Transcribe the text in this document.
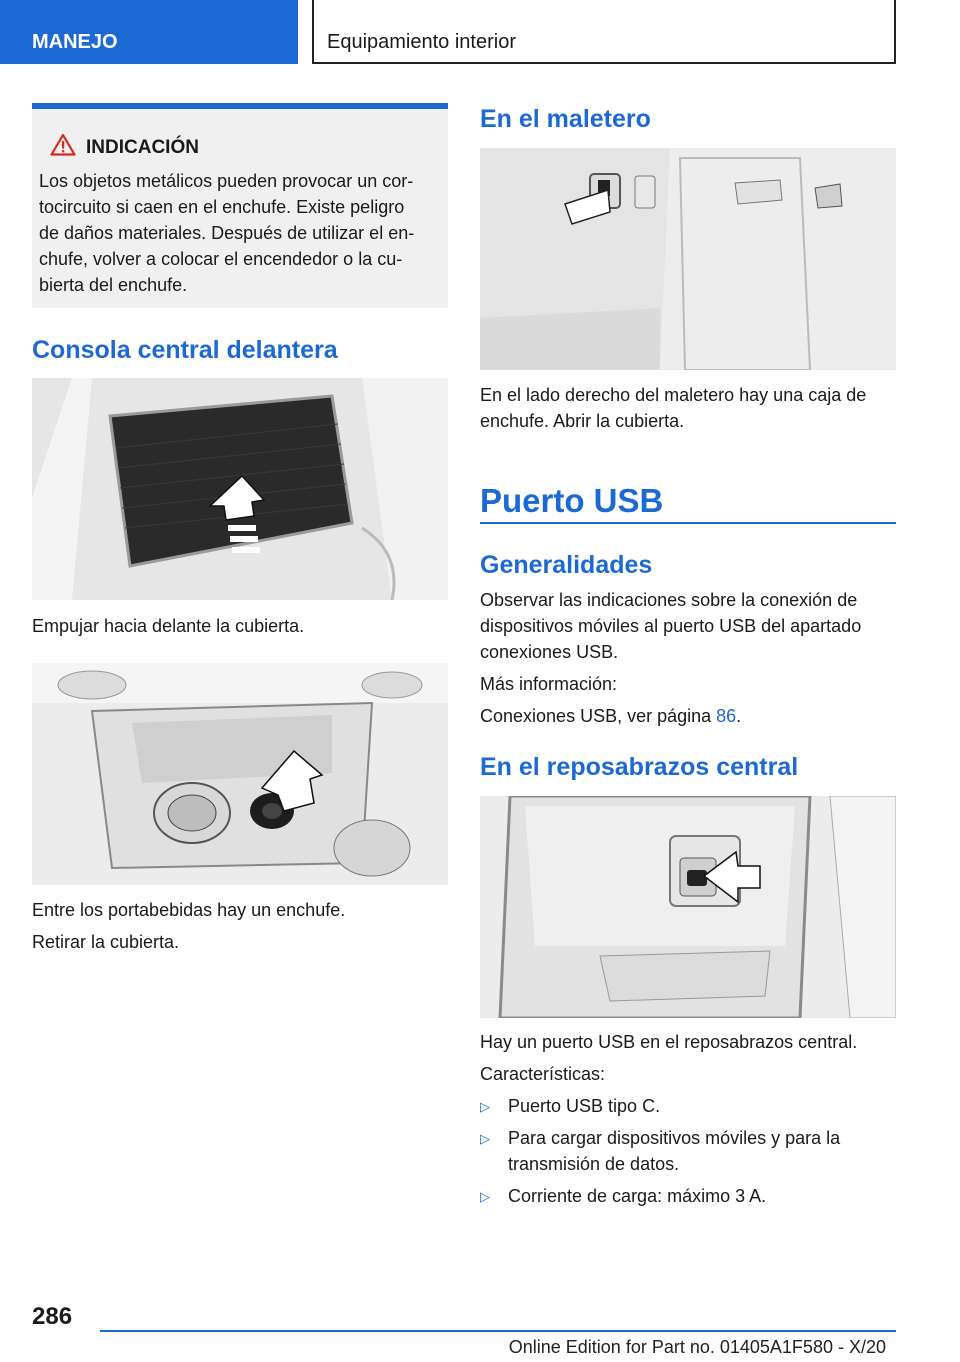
MANEJO	Equipamiento interior
INDICACIÓN
Los objetos metálicos pueden provocar un cor‐
tocircuito si caen en el enchufe. Existe peligro
de daños materiales. Después de utilizar el en‐
chufe, volver a colocar el encendedor o la cu‐
bierta del enchufe.
Consola central delantera
Empujar hacia delante la cubierta.
Entre los portabebidas hay un enchufe.
Retirar la cubierta.
En el maletero
En el lado derecho del maletero hay una caja de
enchufe. Abrir la cubierta.
Puerto USB
Generalidades
Observar las indicaciones sobre la conexión de
dispositivos móviles al puerto USB del apartado
conexiones USB.
Más información:
Conexiones USB, ver página 86.
En el reposabrazos central
Hay un puerto USB en el reposabrazos central.
Características:
▷	Puerto USB tipo C.
▷	Para cargar dispositivos móviles y para la
transmisión de datos.
▷	Corriente de carga: máximo 3 A.
286
Online Edition for Part no. 01405A1F580 - X/20
